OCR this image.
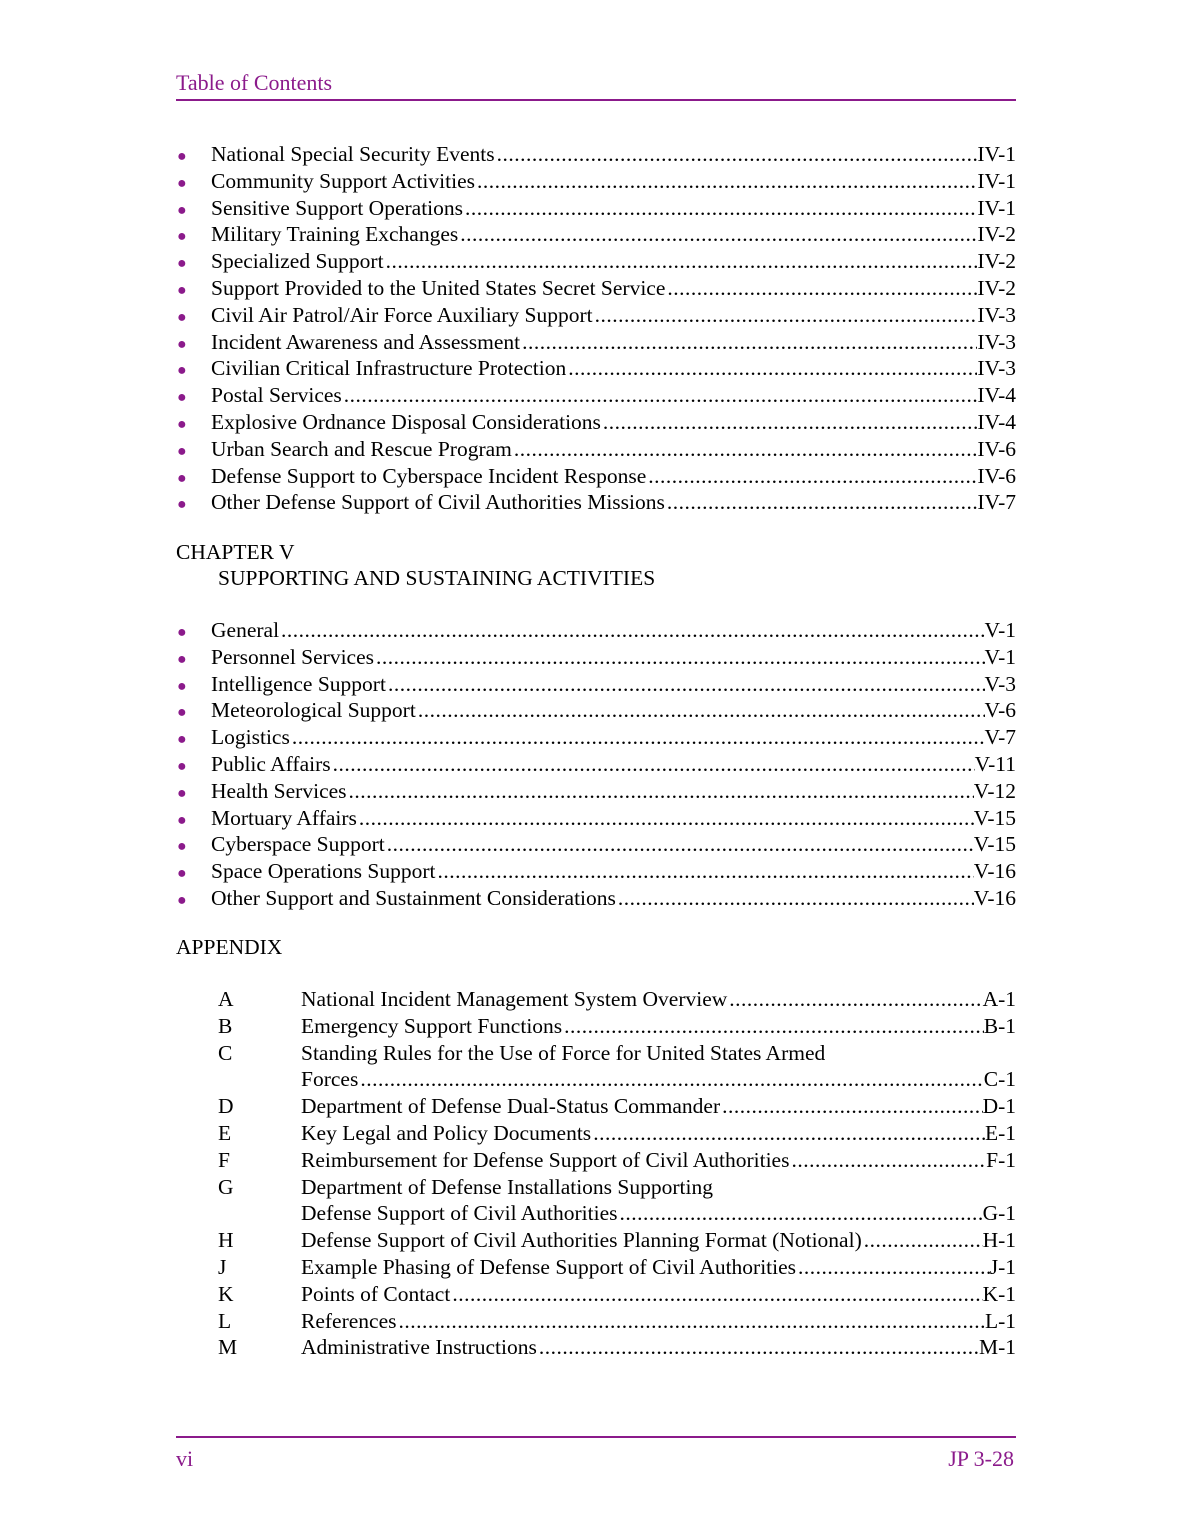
Table of Contents
●	National Special Security Events .....	IV-1
●	Community Support Activities .....	IV-1
●	Sensitive Support Operations .....	IV-1
●	Military Training Exchanges .....	IV-2
●	Specialized Support .....	IV-2
●	Support Provided to the United States Secret Service .....	IV-2
●	Civil Air Patrol/Air Force Auxiliary Support .....	IV-3
●	Incident Awareness and Assessment .....	IV-3
●	Civilian Critical Infrastructure Protection .....	IV-3
●	Postal Services .....	IV-4
●	Explosive Ordnance Disposal Considerations .....	IV-4
●	Urban Search and Rescue Program .....	IV-6
●	Defense Support to Cyberspace Incident Response .....	IV-6
●	Other Defense Support of Civil Authorities Missions .....	IV-7
CHAPTER V
SUPPORTING AND SUSTAINING ACTIVITIES
●	General .....	V-1
●	Personnel Services .....	V-1
●	Intelligence Support .....	V-3
●	Meteorological Support .....	V-6
●	Logistics .....	V-7
●	Public Affairs .....	V-11
●	Health Services .....	V-12
●	Mortuary Affairs .....	V-15
●	Cyberspace Support .....	V-15
●	Space Operations Support .....	V-16
●	Other Support and Sustainment Considerations .....	V-16
APPENDIX
A	National Incident Management System Overview .....	A-1
B	Emergency Support Functions .....	B-1
C	Standing Rules for the Use of Force for United States Armed
Forces .....	C-1
D	Department of Defense Dual-Status Commander .....	D-1
E	Key Legal and Policy Documents .....	E-1
F	Reimbursement for Defense Support of Civil Authorities .....	F-1
G	Department of Defense Installations Supporting
Defense Support of Civil Authorities .....	G-1
H	Defense Support of Civil Authorities Planning Format (Notional) .....	H-1
J	Example Phasing of Defense Support of Civil Authorities .....	J-1
K	Points of Contact .....	K-1
L	References .....	L-1
M	Administrative Instructions .....	M-1
vi	JP 3-28
